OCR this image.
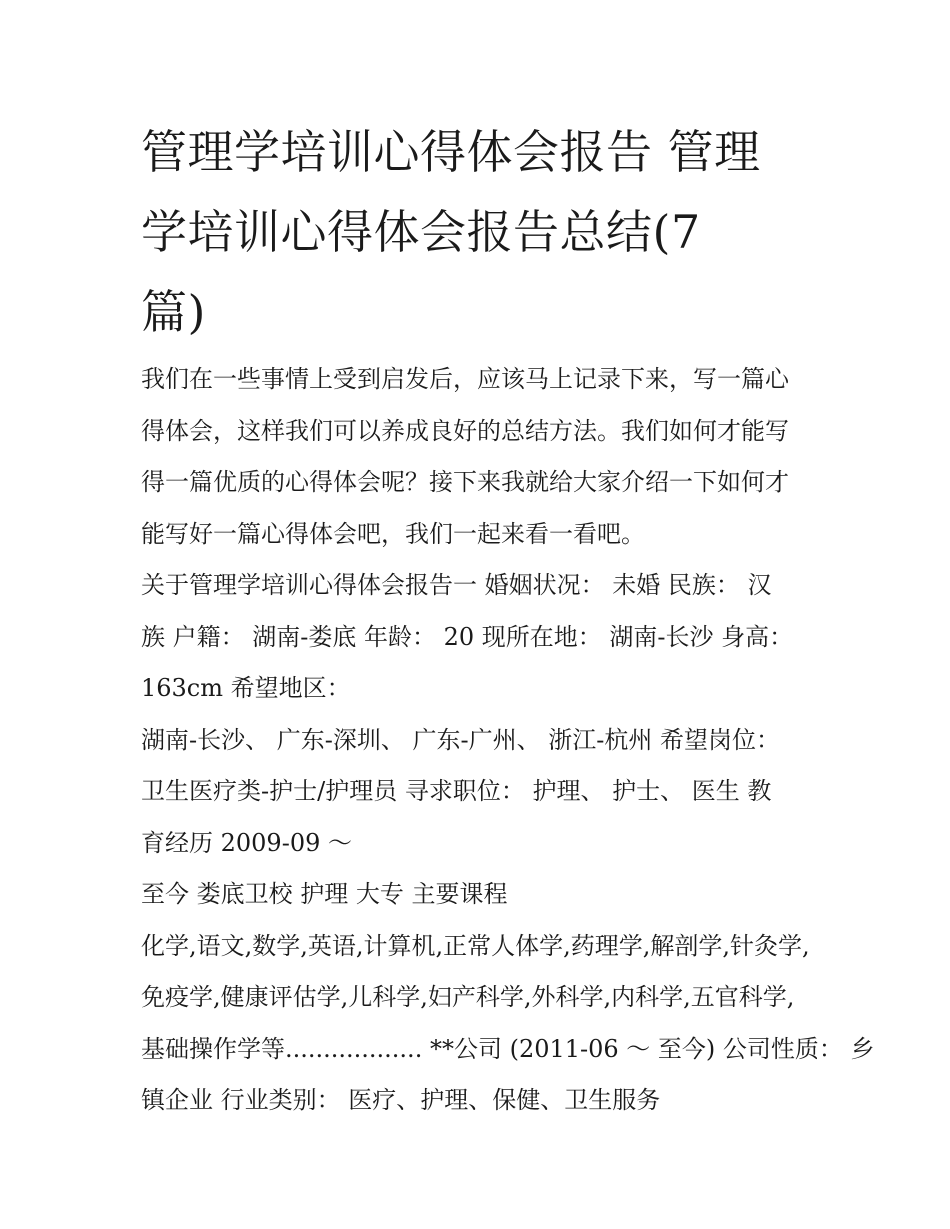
管理学培训心得体会报告 管理
学培训心得体会报告总结(7
篇)
我们在一些事情上受到启发后，应该马上记录下来，写一篇心
得体会，这样我们可以养成良好的总结方法。我们如何才能写
得一篇优质的心得体会呢？接下来我就给大家介绍一下如何才
能写好一篇心得体会吧，我们一起来看一看吧。
关于管理学培训心得体会报告一 婚姻状况： 未婚 民族： 汉
族 户籍： 湖南-娄底 年龄： 20 现所在地： 湖南-长沙 身高：
163cm 希望地区：
湖南-长沙、 广东-深圳、 广东-广州、 浙江-杭州 希望岗位：
卫生医疗类-护士/护理员 寻求职位： 护理、 护士、 医生 教
育经历 2009-09 ～
至今 娄底卫校 护理 大专 主要课程
化学,语文,数学,英语,计算机,正常人体学,药理学,解剖学,针灸学,
免疫学,健康评估学,儿科学,妇产科学,外科学,内科学,五官科学,
基础操作学等.................. **公司 (2011-06 ～ 至今) 公司性质： 乡
镇企业 行业类别： 医疗、护理、保健、卫生服务
